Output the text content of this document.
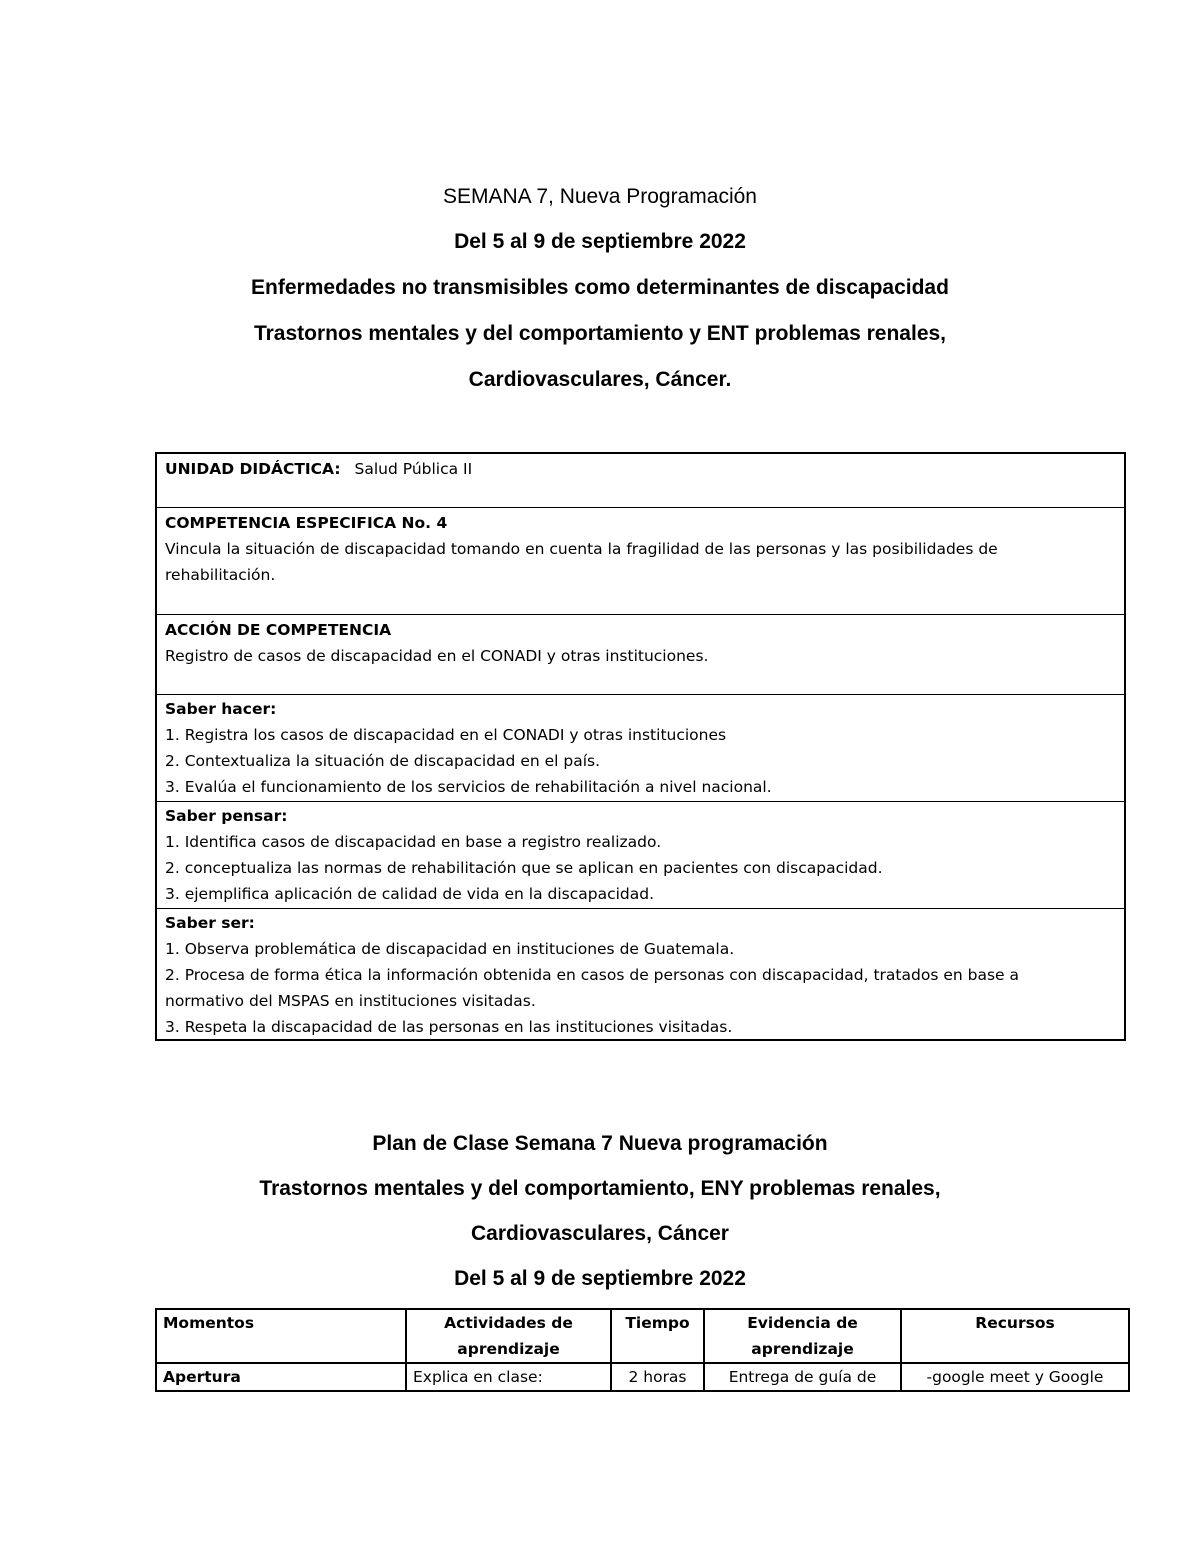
SEMANA 7, Nueva Programación
Del 5 al 9 de septiembre 2022
Enfermedades no transmisibles como determinantes de discapacidad
Trastornos mentales y del comportamiento y ENT problemas renales,
Cardiovasculares, Cáncer.
UNIDAD DIDÁCTICA: Salud Pública II
COMPETENCIA ESPECIFICA No. 4
Vincula la situación de discapacidad tomando en cuenta la fragilidad de las personas y las posibilidades de
rehabilitación.
ACCIÓN DE COMPETENCIA
Registro de casos de discapacidad en el CONADI y otras instituciones.
Saber hacer:
1. Registra los casos de discapacidad en el CONADI y otras instituciones
2. Contextualiza la situación de discapacidad en el país.
3. Evalúa el funcionamiento de los servicios de rehabilitación a nivel nacional.
Saber pensar:
1. Identifica casos de discapacidad en base a registro realizado.
2. conceptualiza las normas de rehabilitación que se aplican en pacientes con discapacidad.
3. ejemplifica aplicación de calidad de vida en la discapacidad.
Saber ser:
1. Observa problemática de discapacidad en instituciones de Guatemala.
2. Procesa de forma ética la información obtenida en casos de personas con discapacidad, tratados en base a
normativo del MSPAS en instituciones visitadas.
3. Respeta la discapacidad de las personas en las instituciones visitadas.
Plan de Clase Semana 7 Nueva programación
Trastornos mentales y del comportamiento, ENY problemas renales,
Cardiovasculares, Cáncer
Del 5 al 9 de septiembre 2022
Momentos	Actividades de aprendizaje	Tiempo	Evidencia de aprendizaje	Recursos
Apertura	Explica en clase:	2 horas	Entrega de guía de	-google meet y Google
